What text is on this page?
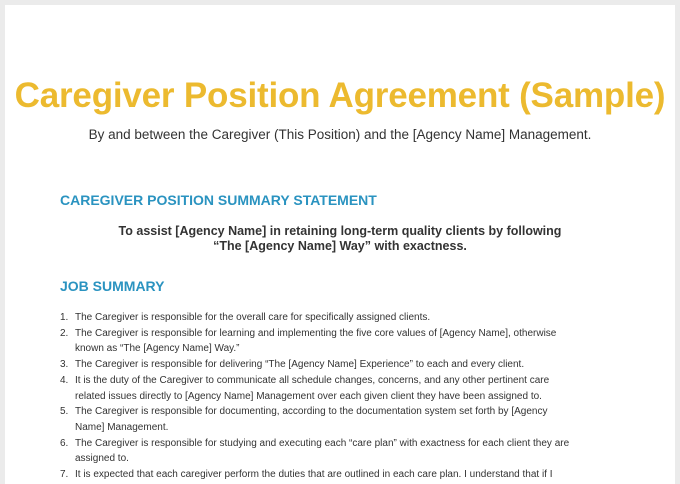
Caregiver Position Agreement (Sample)
By and between the Caregiver (This Position) and the [Agency Name] Management.
CAREGIVER POSITION SUMMARY STATEMENT
To assist [Agency Name] in retaining long-term quality clients by following
“The [Agency Name] Way” with exactness.
JOB SUMMARY
1. The Caregiver is responsible for the overall care for specifically assigned clients.
2. The Caregiver is responsible for learning and implementing the five core values of [Agency Name], otherwise
known as “The [Agency Name] Way.”
3. The Caregiver is responsible for delivering “The [Agency Name] Experience” to each and every client.
4. It is the duty of the Caregiver to communicate all schedule changes, concerns, and any other pertinent care
related issues directly to [Agency Name] Management over each given client they have been assigned to.
5. The Caregiver is responsible for documenting, according to the documentation system set forth by [Agency
Name] Management.
6. The Caregiver is responsible for studying and executing each “care plan” with exactness for each client they are
assigned to.
7. It is expected that each caregiver perform the duties that are outlined in each care plan. I understand that if I
